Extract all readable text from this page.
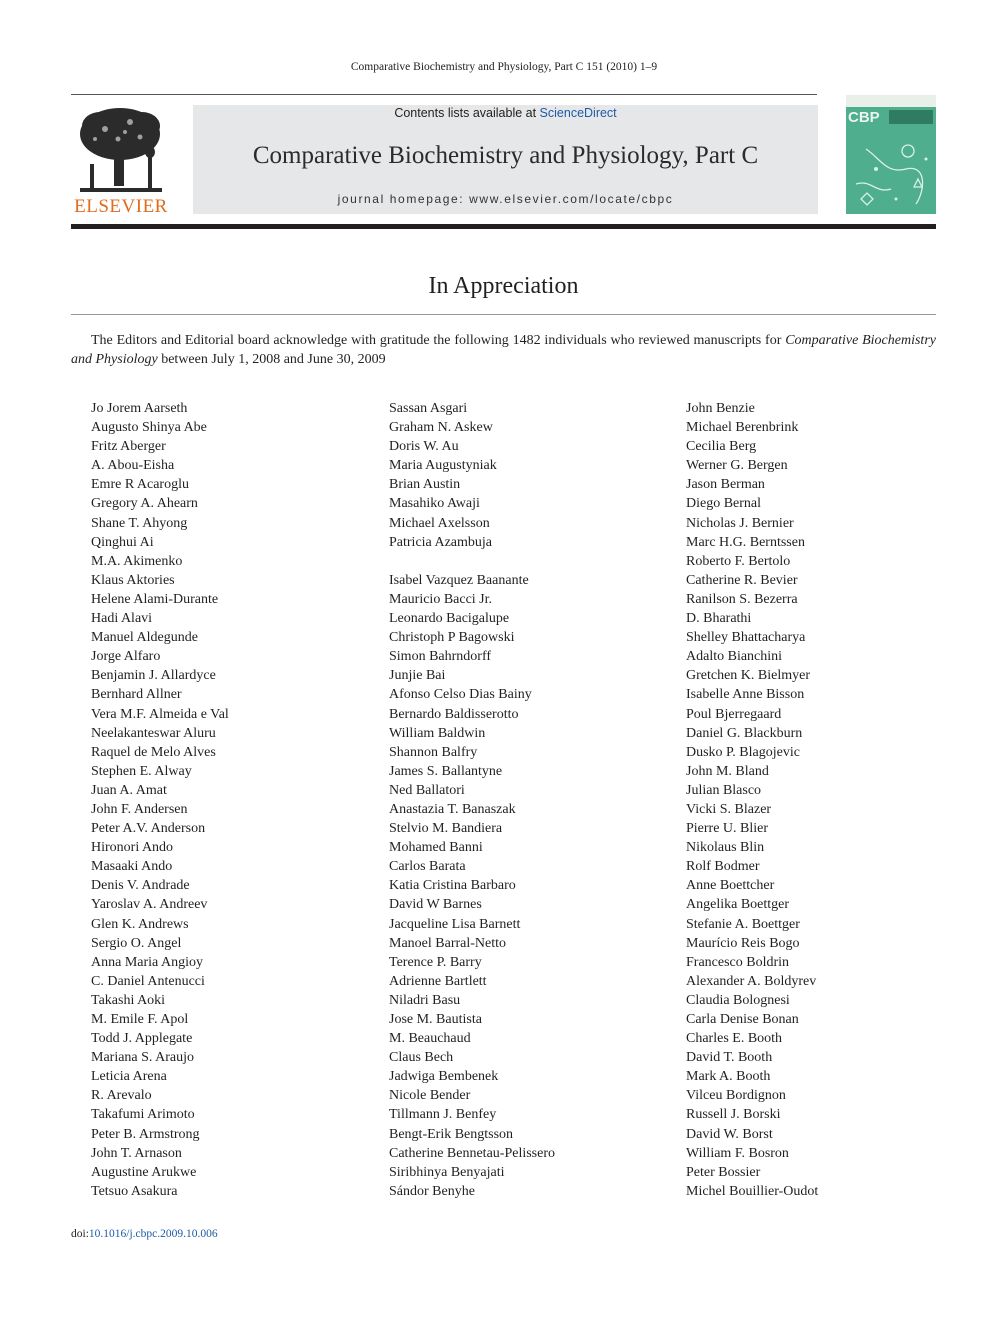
Comparative Biochemistry and Physiology, Part C 151 (2010) 1–9
ELSEVIER
Contents lists available at ScienceDirect
Comparative Biochemistry and Physiology, Part C
journal homepage: www.elsevier.com/locate/cbpc
CBP
In Appreciation
The Editors and Editorial board acknowledge with gratitude the following 1482 individuals who reviewed manuscripts for Comparative Biochemistry and Physiology between July 1, 2008 and June 30, 2009
Jo Jorem Aarseth
Augusto Shinya Abe
Fritz Aberger
A. Abou-Eisha
Emre R Acaroglu
Gregory A. Ahearn
Shane T. Ahyong
Qinghui Ai
M.A. Akimenko
Klaus Aktories
Helene Alami-Durante
Hadi Alavi
Manuel Aldegunde
Jorge Alfaro
Benjamin J. Allardyce
Bernhard Allner
Vera M.F. Almeida e Val
Neelakanteswar Aluru
Raquel de Melo Alves
Stephen E. Alway
Juan A. Amat
John F. Andersen
Peter A.V. Anderson
Hironori Ando
Masaaki Ando
Denis V. Andrade
Yaroslav A. Andreev
Glen K. Andrews
Sergio O. Angel
Anna Maria Angioy
C. Daniel Antenucci
Takashi Aoki
M. Emile F. Apol
Todd J. Applegate
Mariana S. Araujo
Leticia Arena
R. Arevalo
Takafumi Arimoto
Peter B. Armstrong
John T. Arnason
Augustine Arukwe
Tetsuo Asakura
Sassan Asgari
Graham N. Askew
Doris W. Au
Maria Augustyniak
Brian Austin
Masahiko Awaji
Michael Axelsson
Patricia Azambuja
Isabel Vazquez Baanante
Mauricio Bacci Jr.
Leonardo Bacigalupe
Christoph P Bagowski
Simon Bahrndorff
Junjie Bai
Afonso Celso Dias Bainy
Bernardo Baldisserotto
William Baldwin
Shannon Balfry
James S. Ballantyne
Ned Ballatori
Anastazia T. Banaszak
Stelvio M. Bandiera
Mohamed Banni
Carlos Barata
Katia Cristina Barbaro
David W Barnes
Jacqueline Lisa Barnett
Manoel Barral-Netto
Terence P. Barry
Adrienne Bartlett
Niladri Basu
Jose M. Bautista
M. Beauchaud
Claus Bech
Jadwiga Bembenek
Nicole Bender
Tillmann J. Benfey
Bengt-Erik Bengtsson
Catherine Bennetau-Pelissero
Siribhinya Benyajati
Sándor Benyhe
John Benzie
Michael Berenbrink
Cecilia Berg
Werner G. Bergen
Jason Berman
Diego Bernal
Nicholas J. Bernier
Marc H.G. Berntssen
Roberto F. Bertolo
Catherine R. Bevier
Ranilson S. Bezerra
D. Bharathi
Shelley Bhattacharya
Adalto Bianchini
Gretchen K. Bielmyer
Isabelle Anne Bisson
Poul Bjerregaard
Daniel G. Blackburn
Dusko P. Blagojevic
John M. Bland
Julian Blasco
Vicki S. Blazer
Pierre U. Blier
Nikolaus Blin
Rolf Bodmer
Anne Boettcher
Angelika Boettger
Stefanie A. Boettger
Maurício Reis Bogo
Francesco Boldrin
Alexander A. Boldyrev
Claudia Bolognesi
Carla Denise Bonan
Charles E. Booth
David T. Booth
Mark A. Booth
Vilceu Bordignon
Russell J. Borski
David W. Borst
William F. Bosron
Peter Bossier
Michel Bouillier-Oudot
doi:10.1016/j.cbpc.2009.10.006
